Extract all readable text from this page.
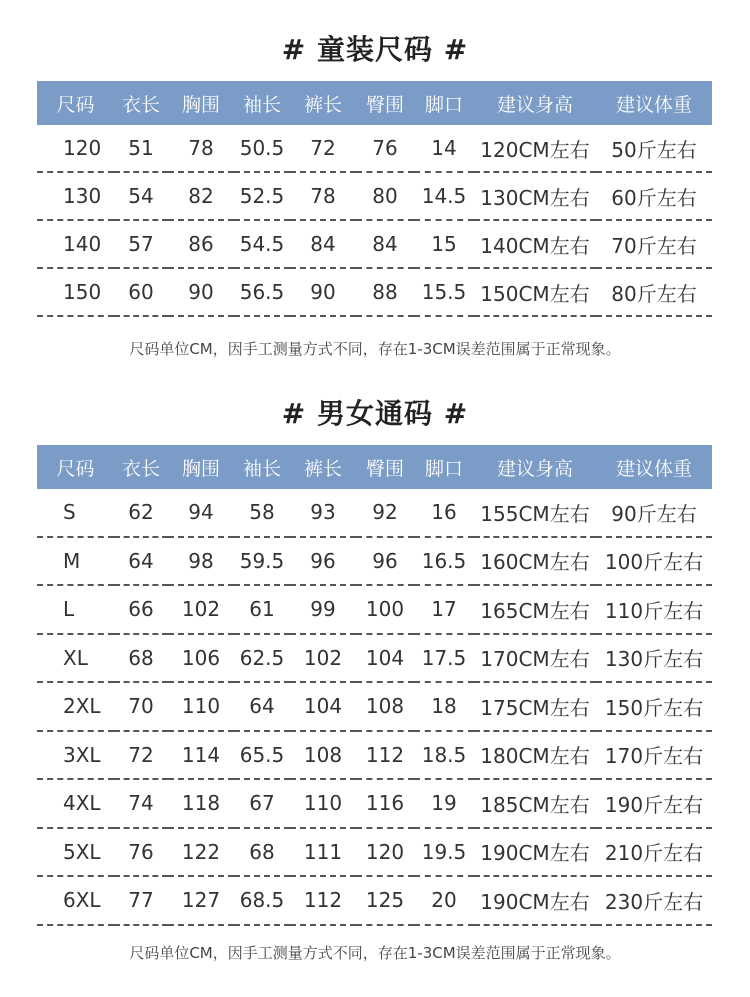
# 童装尺码 #
尺码	衣长	胸围	袖长	裤长	臀围	脚口	建议身高	建议体重
120	51	78	50.5	72	76	14	120CM左右	50斤左右
130	54	82	52.5	78	80	14.5	130CM左右	60斤左右
140	57	86	54.5	84	84	15	140CM左右	70斤左右
150	60	90	56.5	90	88	15.5	150CM左右	80斤左右
尺码单位CM，因手工测量方式不同，存在1-3CM误差范围属于正常现象。
# 男女通码 #
尺码	衣长	胸围	袖长	裤长	臀围	脚口	建议身高	建议体重
S	62	94	58	93	92	16	155CM左右	90斤左右
M	64	98	59.5	96	96	16.5	160CM左右	100斤左右
L	66	102	61	99	100	17	165CM左右	110斤左右
XL	68	106	62.5	102	104	17.5	170CM左右	130斤左右
2XL	70	110	64	104	108	18	175CM左右	150斤左右
3XL	72	114	65.5	108	112	18.5	180CM左右	170斤左右
4XL	74	118	67	110	116	19	185CM左右	190斤左右
5XL	76	122	68	111	120	19.5	190CM左右	210斤左右
6XL	77	127	68.5	112	125	20	190CM左右	230斤左右
尺码单位CM，因手工测量方式不同，存在1-3CM误差范围属于正常现象。
